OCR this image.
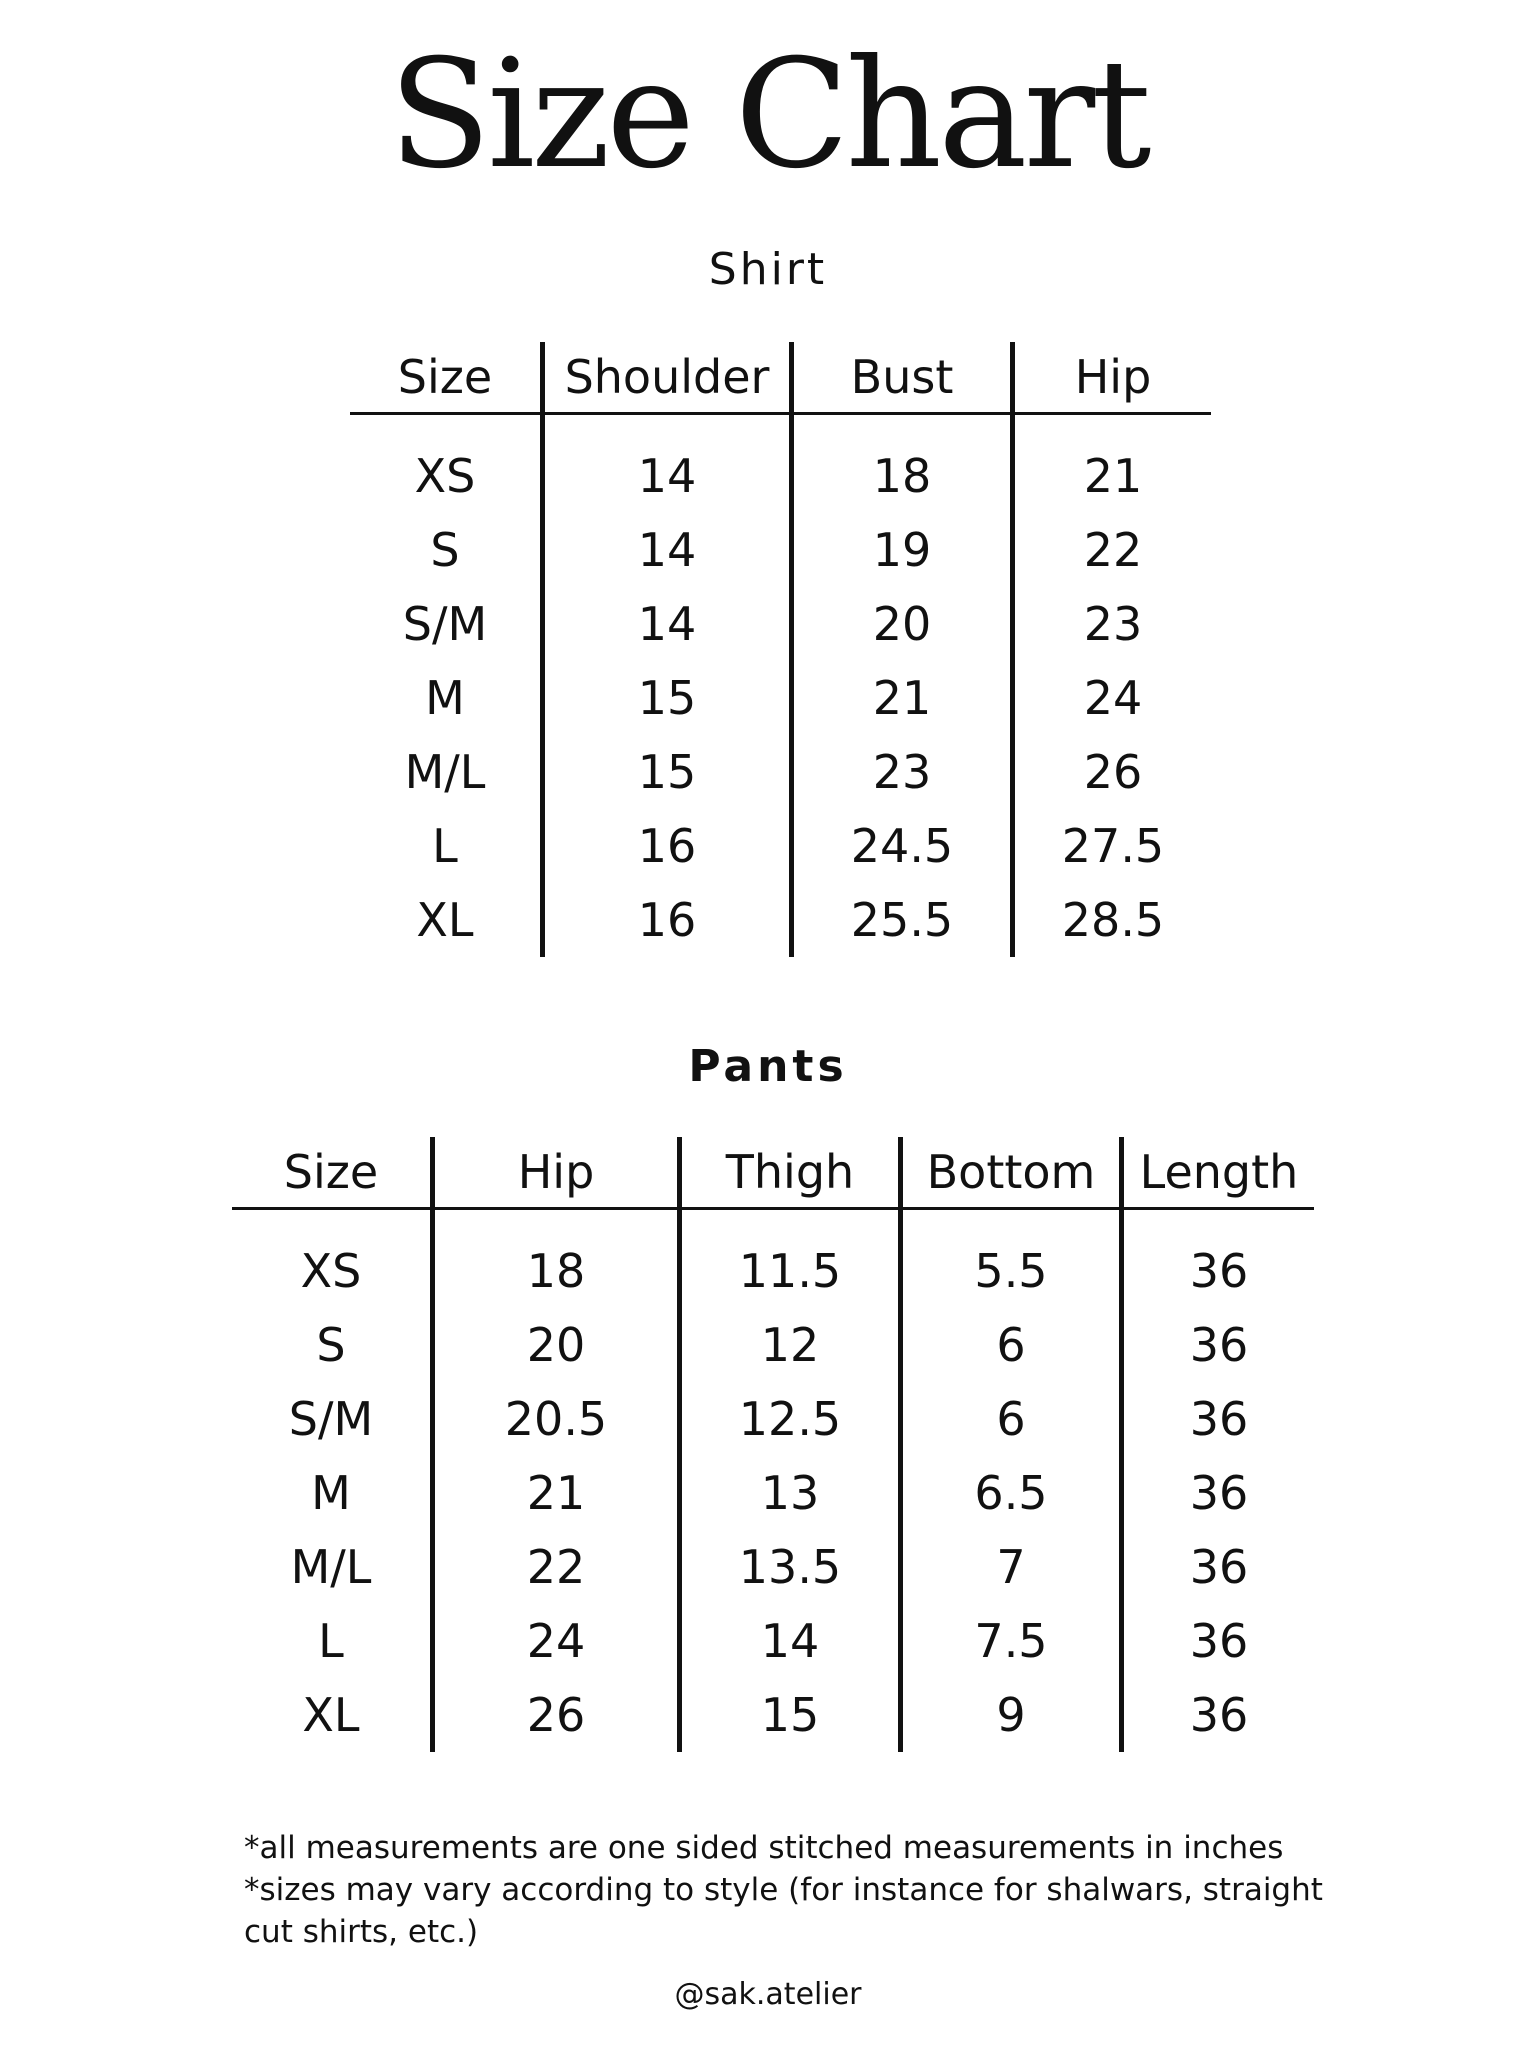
Size Chart
Shirt
Size	Shoulder	Bust	Hip
XS	14	18	21
S	14	19	22
S/M	14	20	23
M	15	21	24
M/L	15	23	26
L	16	24.5	27.5
XL	16	25.5	28.5
Pants
Size	Hip	Thigh	Bottom	Length
XS	18	11.5	5.5	36
S	20	12	6	36
S/M	20.5	12.5	6	36
M	21	13	6.5	36
M/L	22	13.5	7	36
L	24	14	7.5	36
XL	26	15	9	36
*all measurements are one sided stitched measurements in inches
*sizes may vary according to style (for instance for shalwars, straight cut shirts, etc.)
@sak.atelier
